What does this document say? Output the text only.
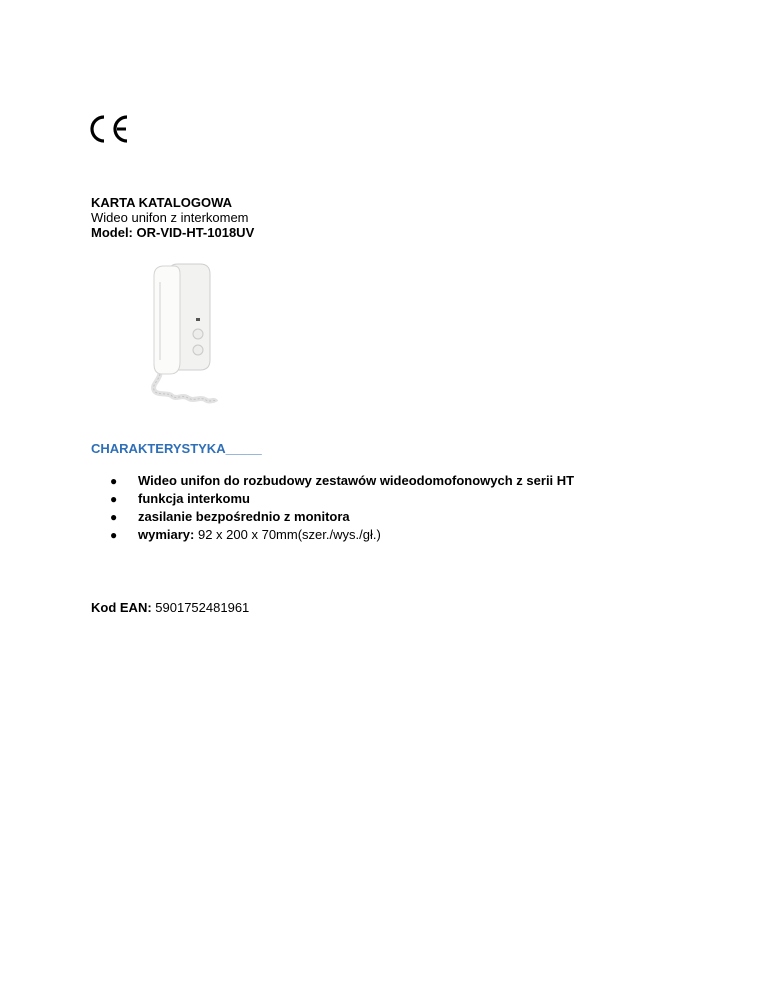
KARTA KATALOGOWA
Wideo unifon z interkomem
Model: OR-VID-HT-1018UV
CHARAKTERYSTYKA_____
● Wideo unifon do rozbudowy zestawów wideodomofonowych z serii HT
● funkcja interkomu
● zasilanie bezpośrednio z monitora
● wymiary: 92 x 200 x 70mm(szer./wys./gł.)
Kod EAN: 5901752481961
